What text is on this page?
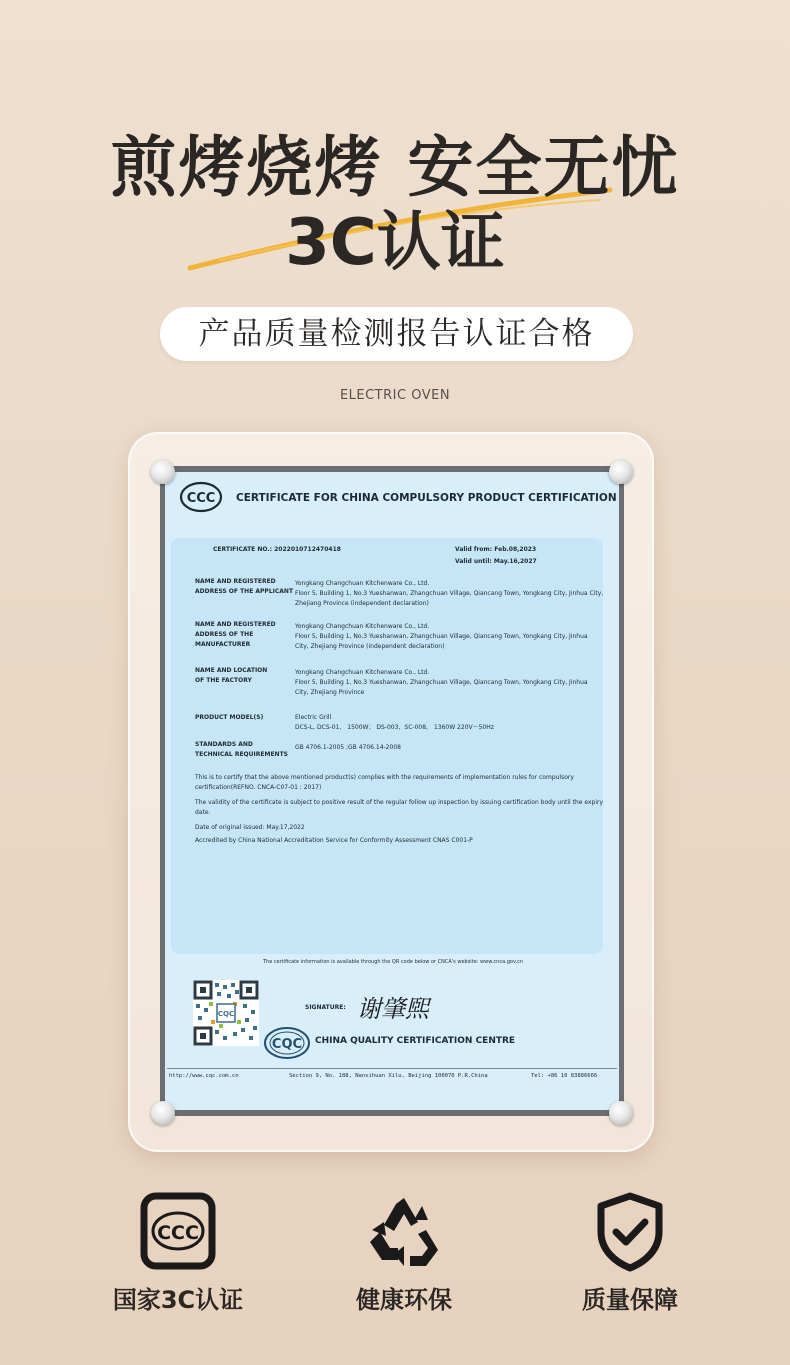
煎烤烧烤 安全无忧
3C认证
产品质量检测报告认证合格
ELECTRIC OVEN
CCC CERTIFICATE FOR CHINA COMPULSORY PRODUCT CERTIFICATION
CERTIFICATE NO.: 2022010712470418	Valid from: Feb.08,2023
Valid until: May.16,2027
NAME AND REGISTERED
ADDRESS OF THE APPLICANT
Yongkang Changchuan Kitchenware Co., Ltd.
Floor 5, Building 1, No.3 Yueshanwan, Zhangchuan Village, Qiancang Town, Yongkang City, Jinhua City,
Zhejiang Province (independent declaration)
NAME AND REGISTERED
ADDRESS OF THE
MANUFACTURER
Yongkang Changchuan Kitchenware Co., Ltd.
Floor 5, Building 1, No.3 Yueshanwan, Zhangchuan Village, Qiancang Town, Yongkang City, Jinhua
City, Zhejiang Province (independent declaration)
NAME AND LOCATION
OF THE FACTORY
Yongkang Changchuan Kitchenware Co., Ltd.
Floor 5, Building 1, No.3 Yueshanwan, Zhangchuan Village, Qiancang Town, Yongkang City, Jinhua
City, Zhejiang Province
PRODUCT MODEL(S)	Electric Grill
DCS-L, DCS-01， 1500W； DS-003，SC-008， 1360W 220V～50Hz
STANDARDS AND
TECHNICAL REQUIREMENTS
GB 4706.1-2005 ;GB 4706.14-2008
This is to certify that the above mentioned product(s) complies with the requirements of implementation rules for compulsory
certification(REFNO. CNCA-C07-01 : 2017)
The validity of the certificate is subject to positive result of the regular follow up inspection by issuing certification body until the expiry
date.
Date of original issued: May.17,2022
Accredited by China National Accreditation Service for Conformity Assessment CNAS C001-P
The certificate information is available through the QR code below or CNCA's website: www.cnca.gov.cn
CQC
SIGNATURE: 谢肇煕
CQC CHINA QUALITY CERTIFICATION CENTRE
http://www.cqc.com.cn	Section 9, No. 188, Nansihuan Xilu, Beijing 100070 P.R.China	Tel: +86 10 83886666
CCC
国家3C认证	健康环保	质量保障
